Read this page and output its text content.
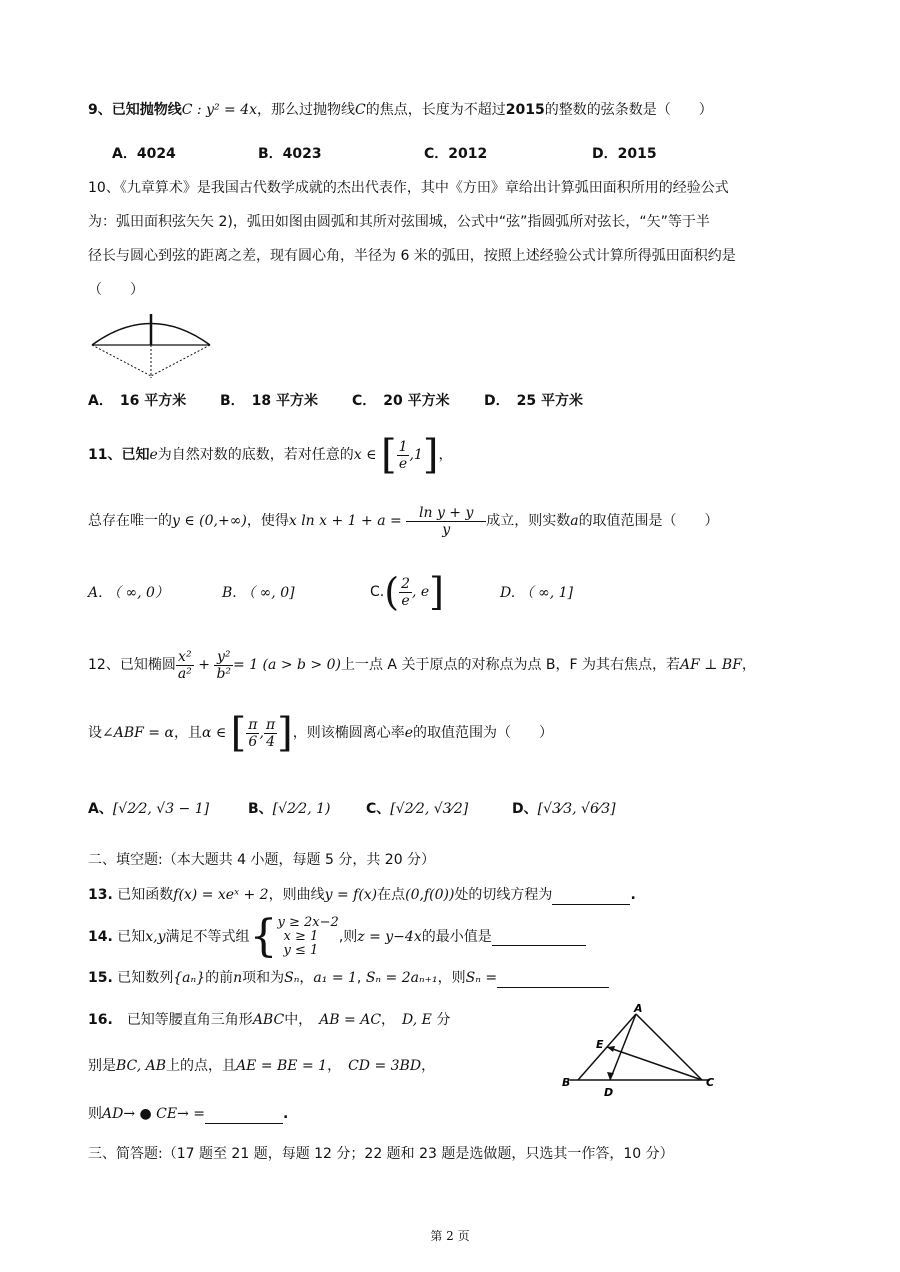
9、已知抛物线C : y² = 4x，那么过抛物线C的焦点，长度为不超过2015的整数的弦条数是（　　）
A．4024	B．4023	C．2012	D．2015
10、《九章算术》是我国古代数学成就的杰出代表作，其中《方田》章给出计算弧田面积所用的经验公式
为：弧田面积弦矢矢 2)，弧田如图由圆弧和其所对弦围城，公式中“弦”指圆弧所对弦长，“矢”等于半
径长与圆心到弦的距离之差，现有圆心角，半径为 6 米的弧田，按照上述经验公式计算所得弧田面积约是
（　　）
A．　16 平方米 B．　18 平方米 C．　20 平方米 D．　25 平方米
11、已知e为自然对数的底数，若对任意的x ∈ [ $\frac{1}{e} ,1$]，
总存在唯一的y ∈ (0,+∞)，使得x $\ln x + 1 + a = \frac{\text{ln y + y}}{y}$ 成立，则实数a的取值范围是（　　）
A. （ ∞, 0）	B. （ ∞, 0]	$C.( \frac{2}{e}$ , e]	D. （ ∞, 1]
12、已知椭圆 $\frac{\text{x²}}{\text{a²}} + \frac{\text{y²}}{\text{b²}} = 1$ (a > b > 0)上一点 A 关于原点的对称点为点 B，F 为其右焦点，若AF ⊥ BF，
设∠ABF = α，且α ∈ [ $\frac{\pi}{6}$ , $\frac{\pi}{4}$ ]，则该椭圆离心率e的取值范围为（　　）
A、[√2⁄2, √3 − 1]	B、[√2⁄2, 1)	C、[√2⁄2, √3⁄2]	D、[√3⁄3, √6⁄3]
二、填空题:（本大题共 4 小题，每题 5 分，共 20 分）
13. 已知函数f(x) = xeˣ + 2，则曲线y = f(x)在点(0,f(0))处的切线方程为	.
14. 已知x,y满足不等式组{ y ≥ 2x−2
x ≥ 1
y ≤ 1
,则z = y−4x的最小值是
15. 已知数列{aₙ}的前n项和为Sₙ，a₁ = 1, Sₙ = 2aₙ₊₁，则Sₙ =
16.　 已知等腰直角三角形ABC中，　 AB = AC，　 D, E 分
别是BC, AB上的点，且AE = BE = 1，　 CD = 3BD，
则AD→ ● CE→ =	.
A
E
B
D
C
三、简答题:（17 题至 21 题，每题 12 分；22 题和 23 题是选做题，只选其一作答，10 分）
第 2 页
